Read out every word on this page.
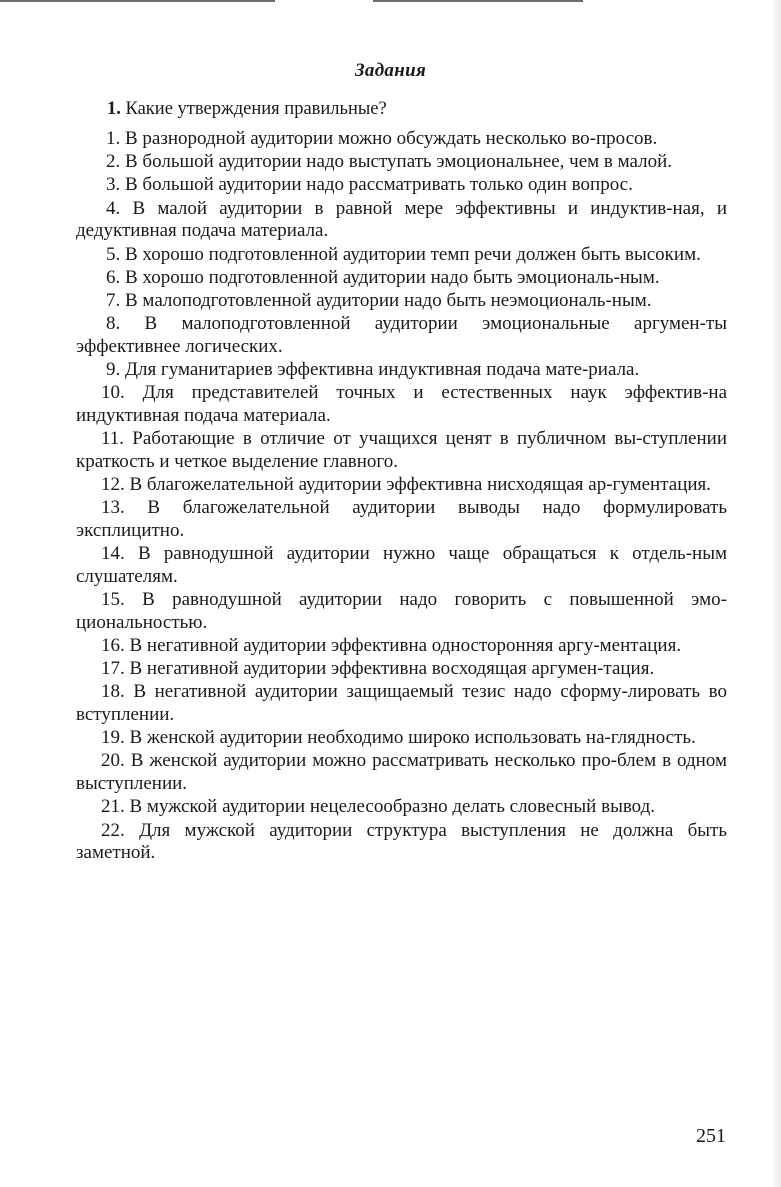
Задания
1. Какие утверждения правильные?
1. В разнородной аудитории можно обсуждать несколько во-просов.
2. В большой аудитории надо выступать эмоциональнее, чем в малой.
3. В большой аудитории надо рассматривать только один вопрос.
4. В малой аудитории в равной мере эффективны и индуктив-ная, и дедуктивная подача материала.
5. В хорошо подготовленной аудитории темп речи должен быть высоким.
6. В хорошо подготовленной аудитории надо быть эмоциональ-ным.
7. В малоподготовленной аудитории надо быть неэмоциональ-ным.
8. В малоподготовленной аудитории эмоциональные аргумен-ты эффективнее логических.
9. Для гуманитариев эффективна индуктивная подача мате-риала.
10. Для представителей точных и естественных наук эффектив-на индуктивная подача материала.
11. Работающие в отличие от учащихся ценят в публичном вы-ступлении краткость и четкое выделение главного.
12. В благожелательной аудитории эффективна нисходящая ар-гументация.
13. В благожелательной аудитории выводы надо формулировать эксплицитно.
14. В равнодушной аудитории нужно чаще обращаться к отдель-ным слушателям.
15. В равнодушной аудитории надо говорить с повышенной эмо-циональностью.
16. В негативной аудитории эффективна односторонняя аргу-ментация.
17. В негативной аудитории эффективна восходящая аргумен-тация.
18. В негативной аудитории защищаемый тезис надо сформу-лировать во вступлении.
19. В женской аудитории необходимо широко использовать на-глядность.
20. В женской аудитории можно рассматривать несколько про-блем в одном выступлении.
21. В мужской аудитории нецелесообразно делать словесный вывод.
22. Для мужской аудитории структура выступления не должна быть заметной.
251
